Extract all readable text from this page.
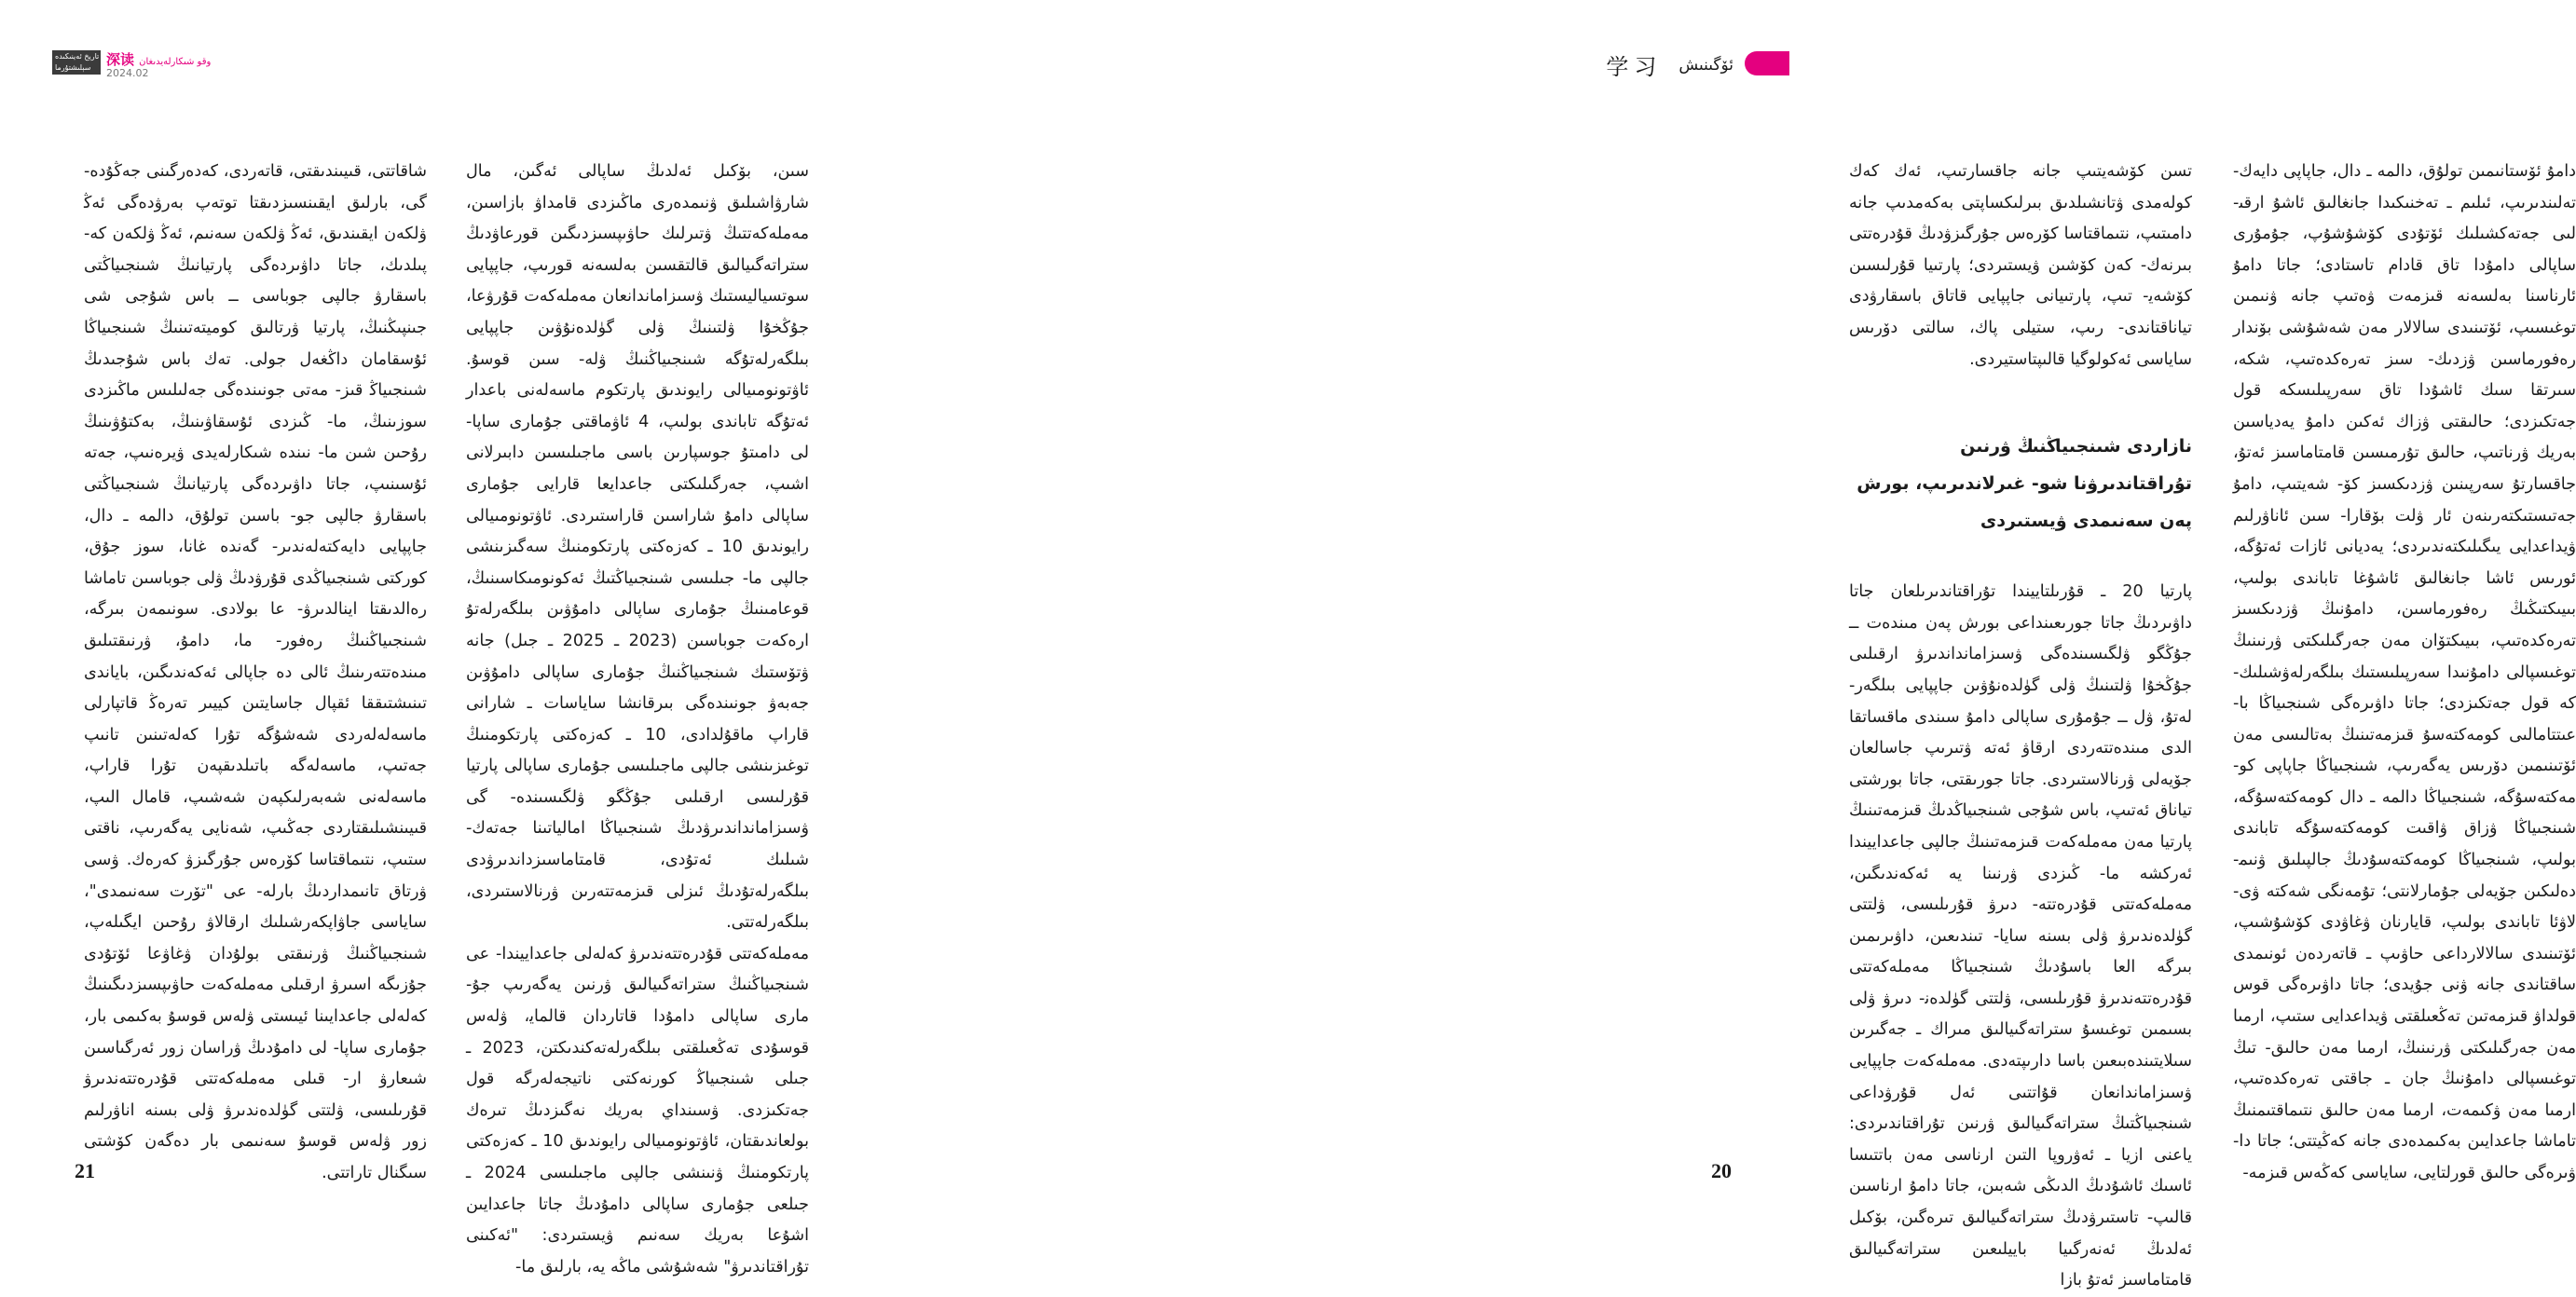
ﺗﺎﺭﻳﺦ ﺋﻪﻳﻨﯩﻜﯩﺪﻩ
ﺳﯧﻠﯩﺸﺘﯘﺭﻣﺎ	深读 ﻭﻗﻮ ﺷﯩﻜﺎﺭﻟﻪﻳﺪﯨﻐﺎﻥ
2024.02

ﺷﺎﻗﺎﺗﺘﻰ، ﻗﯩﻴﯩﻨﺪﯨﻘﺘﻰ، ﻗﺎﺗﻪﺭﺩﻯ، ﻛﻪﺩﻩﺭﮔﯩﻨﻰ ﺟﻪﯕﯘﺩﻩ- ﮔﻰ، ﺑﺎﺭﻟﯩﻖ ﺍﻳﻘﯩﻨﺴﯩﺰﺩﯨﻘﺘﺎ ﺗﻮﺗﻪﭖ ﺑﻪﺭﯞﺩﻩﮔﻰ ﺋﻪﯕ ﯞﻟﻜﻪﻥ ﺍﻳﻘﯩﻨﺪﯨﻖ، ﺋﻪﯕ ﯞﻟﻜﻪﻥ ﺳﻪﻧﯩﻢ، ﺋﻪﯕ ﯞﻟﻜﻪﻥ ﻛﻪ- ﭘﯩﻠﺪﯨﻚ، ﺟﺎﺗﺎ ﺩﺍﯞﯨﺮﺩﻩﮔﻰ ﭘﺎﺭﺗﻴﺎﻧﯩﯔ ﺷﯩﻨﺠﯩﻴﺎﯕﺘﻰ ﺑﺎﺳﻘﺎﺭﯞ ﺟﺎﻟﭙﻰ ﺟﻮﺑﺎﺳﻰ ــ ﺑﺎﺱ ﺷﯘﺟﻰ ﺷﻰ ﺟﯩﻨﭙﯩﯖﻨﯩﯔ، ﭘﺎﺭﺗﻴﺎ ﯞﺭﺗﺎﻟﯩﻖ ﻛﻮﻣﻴﺘﻪﺗﯩﻨﯩﯔ ﺷﯩﻨﺠﯩﻴﺎﯕﺎ ﺋﯘﺳﻘﺎﻣﺎﻥ ﺩﺍﯕﻐﻪﻝ ﺟﻮﻟﻰ. ﺗﻪﻙ ﺑﺎﺱ ﺷﯘﺟﯩﺪﯨﯔ ﺷﯩﻨﺠﯩﻴﺎﯕ ﻗﯩﺰ- ﻣﻪﺗﻰ ﺟﻮﻧﯩﻨﺪﻩﮔﻰ ﺟﻪﻟﯩﻠﯩﺲ ﻣﺎﯕﯩﺰﺩﻯ ﺳﻮﺯﯨﻨﯩﯔ، ﻣﺎ- ﯕﯩﺰﺩﻯ ﺋﯘﺳﻘﺎﯞﯨﻨﯩﯔ، ﺑﻪﻛﺘﯘﯞﯨﻨﯩﯔ ﺭﯗﺣﯩﻦ ﺷﯩﻦ ﻣﺎ- ﻧﯩﻨﺪﻩ ﺷﯩﻜﺎﺭﻟﻪﻳﺪﻯ ﯞﻳﺮﻩﻧﯩﭗ، ﺟﻪﺗﻪ ﺋﯘﺳﯩﻨﯩﭗ، ﺟﺎﺗﺎ ﺩﺍﯞﯨﺮﺩﻩﮔﻰ ﭘﺎﺭﺗﻴﺎﻧﯩﯔ ﺷﯩﻨﺠﯩﻴﺎﯕﺘﻰ ﺑﺎﺳﻘﺎﺭﯞ ﺟﺎﻟﭙﻰ ﺟﻮ- ﺑﺎﺳﯩﻦ ﺗﻮﻟﯘﻕ، ﺩﺍﻟﻤﻪ ـ ﺩﺍﻝ، ﺟﺎﭘﭙﺎﻳﻰ ﺩﺍﻳﻪﻛﺘﻪﻟﻪﻧﺪﯨﺮ- ﮔﻪﻧﺪﻩ ﻏﺎﻧﺎ، ﺳﻮﺯ ﺟﯘﻕ، ﻛﻮﺭﻛﺘﻰ ﺷﯩﻨﺠﯩﻴﺎﯕﺪﻯ ﻗﯘﺭﯞﺩﯨﯔ ﯞﻟﻰ ﺟﻮﺑﺎﺳﯩﻦ ﺗﺎﻣﺎﺷﺎ ﺭﻩﺍﻟﺪﯨﻘﺘﺎ ﺍﻳﻨﺎﻟﺪﯨﺮﯞ- ﻋﺎ ﺑﻮﻟﺎﺩﻯ. ﺳﻮﻧﯩﻤﻪﻥ ﺑﯩﺮﮔﻪ، ﺷﯩﻨﺠﯩﻴﺎﯕﻨﯩﯔ ﺭﻩﻓﻮﺭ- ﻣﺎ، ﺩﺍﻣﯘ، ﯞﺭﻧﯩﻘﺘﯩﻠﯩﻖ ﻣﯩﻨﺪﻩﺗﺘﻪﺭﯨﻨﯩﯔ ﺋﺎﻟﻰ ﺩﻩ ﺟﺎﭘﺎﻟﻰ ﺋﻪﻛﻪﻧﺪﯨﮕﯩﻦ، ﺑﺎﻳﺎﻧﺪﻯ ﺗﯩﻨﯩﺸﺘﯩﻘﻘﺎ ﺋﻘﭙﺎﻝ ﺟﺎﺳﺎﻳﺘﯩﻦ ﻛﻴﻴﯩﺮ ﺗﻪﺭﻩﯕ ﻗﺎﺗﭙﺎﺭﻟﻰ ﻣﺎﺳﻪﻟﻪﻟﻪﺭﺩﻯ ﺷﻪﺷﯘﮔﻪ ﺗﯘﺭﺍ ﻛﻪﻟﻪﺗﯩﻨﯩﻦ ﺗﺎﻧﯩﭗ ﺟﻪﺗﯩﭗ، ﻣﺎﺳﻪﻟﻪﮔﻪ ﺑﺎﺗﯩﻠﺪﯨﻘﭙﻪﻥ ﺗﯘﺭﺍ ﻗﺎﺭﺍﭖ، ﻣﺎﺳﻪﻟﻪﻧﻰ ﺷﻪﺑﻪﺭﻟﯩﻜﭙﻪﻥ ﺷﻪﺷﯩﭗ، ﻗﺎﻣﺎﻝ ﺍﻟﯩﭗ، ﻗﯩﻴﯩﻨﺸﯩﻠﯩﻘﺘﺎﺭﺩﻯ ﺟﻪﯕﯩﭗ، ﺷﻪﻧﺎﻳﻰ ﻳﻪﮔﻪﺭﯨﭗ، ﻧﺎﻗﺘﻰ ﺳﺘﯩﭗ، ﻧﺘﯩﻤﺎﻗﺘﺎﺳﺎ ﻛﯚﺭﻩﺱ ﺟﯘﺭﮔﯩﺰﯞ ﻛﻪﺭﻩﻙ. ﯞﺳﻰ ﯞﺭﺗﺎﻕ ﺗﺎﻧﯩﻤﺪﺍﺭﺩﯨﯔ ﺑﺎﺭﻟﻪ- ﻋﻰ "ﺗﯚﺭﺕ ﺳﻪﻧﯩﻤﺪﻯ"، ﺳﺎﻳﺎﺳﻰ ﺟﺎﯞﺍﭘﻜﻪﺭﺷﯩﻠﯩﻚ ﺍﺭﻗﺎﻟﺎﯞ ﺭﯗﺣﯩﻦ ﺍﻳﮕﯩﻠﻪﭖ، ﺷﯩﻨﺠﯩﻴﺎﯕﻨﯩﯔ ﯞﺭﻧﯩﻘﺘﻰ ﺑﻮﻟﯘﺩﺍﻥ ﯞﻏﺎﯞﻋﺎ ﺋﯚﺗﯘﺩﻯ ﺟﯘﺯﯨﮕﻪ ﺍﺳﯩﺮﯞ ﺍﺭﻗﯩﻠﻰ ﻣﻪﻣﻠﻪﻛﻪﺕ ﺣﺎﯞﯨﭙﺴﯩﺰﺩﯨﮕﯩﻨﯩﯔ ﻛﻪﻟﻪﻟﻰ ﺟﺎﻋﺪﺍﻳﯩﻨﺎ ﺋﻴﯩﺴﺘﻰ ﯞﻟﻪﺱ ﻗﻮﺳﯘ ﺑﻪﻛﯩﻤﻰ ﺑﺎﺭ، ﺟﯘﻣﺎﺭﻯ ﺳﺎﭘﺎ- ﻟﻰ ﺩﺍﻣﯘﺩﯨﯔ ﯞﺭﺍﺳﺎﻥ ﺯﻭﺭ ﺋﻪﺭﮔﯩﺎﺳﯩﻦ ﺷﯩﻌﺎﺭﯞ ﺍﺭ- ﻗﯩﻠﻰ ﻣﻪﻣﻠﻪﻛﻪﺗﺘﻰ ﻗﯘﺩﺭﻩﺗﺘﻪﻧﺪﯨﺮﯞ ﻗﯘﺭﯨﻠﯩﺴﻰ، ﯞﻟﺘﺘﻰ ﮔﯜﻟﺪﻩﻧﺪﯨﺮﯞ ﯞﻟﻰ ﺑﺴﻨﻪ ﺍﻧﺎﯞﺭﻟﯩﻢ ﺯﻭﺭ ﯞﻟﻪﺱ ﻗﻮﺳﯘ ﺳﻪﻧﯩﻤﻰ ﺑﺎﺭ ﺩﻩﮔﻪﻥ ﻛﯚﺷﺘﻰ ﺳﯩﮕﻨﺎﻝ ﺗﺎﺭﺍﺗﺘﻰ.

ﺳﯩﻦ، ﺑﯚﻛﯩﻞ ﺋﻪﻟﺪﯨﯔ ﺳﺎﭘﺎﻟﻰ ﺋﻪﮔﯩﻦ، ﻣﺎﻝ ﺷﺎﺭﯞﺍﺷﯩﻠﯩﻖ ﯞﻧﯩﻤﺪﻩﺭﻯ ﻣﺎﯕﯩﺰﺩﻯ ﻗﺎﻣﺪﺍﯞ ﺑﺎﺯﺍﺳﯩﻦ، ﻣﻪﻣﻠﻪﻛﻪﺗﺘﯩﯔ ﯞﺗﯩﺮﻟﯩﻚ ﺣﺎﯞﯨﭙﺴﯩﺰﺩﯨﮕﯩﻦ ﻗﻮﺭﻋﺎﯞﺩﯨﯔ ﺳﺘﺮﺍﺗﻪﮔﯩﻴﺎﻟﯩﻖ ﻗﺎﻟﺘﻘﺴﯩﻦ ﺑﻪﻟﺴﻪﻧﻪ ﻗﻮﺭﯨﭗ، ﺟﺎﭘﭙﺎﻳﻰ ﺳﻮﺗﺴﻴﺎﻟﻴﺴﺘﯩﻚ ﯞﺳﯩﺰﺍﻣﺎﻧﺪﺍﻧﻌﺎﻥ ﻣﻪﻣﻠﻪﻛﻪﺕ ﻗﯘﺭﯞﻋﺎ، ﺟﯘﯕﺨﯘﺍ ﯞﻟﺘﯩﻨﯩﯔ ﯞﻟﻰ ﮔﯜﻟﺪﻩﻧﯘﯞﯨﻦ ﺟﺎﭘﭙﺎﻳﻰ ﺑﯩﻠﮕﻪﺭﻟﻪﺗﯘﮔﻪ ﺷﯩﻨﺠﯩﻴﺎﯕﻨﯩﯔ ﯞﻟﻪ- ﺳﯩﻦ ﻗﻮﺳﯘ. ﺋﺎﯞﺗﻮﻧﻮﻣﯩﻴﺎﻟﻰ ﺭﺍﻳﻮﻧﺪﯨﻖ ﭘﺎﺭﺗﻜﻮﻡ ﻣﺎﺳﻪﻟﻪﻧﻰ ﺑﺎﻋﺪﺍﺭ ﺋﻪﺗﯘﮔﻪ ﺗﺎﺑﺎﻧﺪﻯ ﺑﻮﻟﯩﭗ، 4 ﺋﺎﯞﻣﺎﻗﺘﻰ ﺟﯘﻣﺎﺭﻯ ﺳﺎﭘﺎ- ﻟﻰ ﺩﺍﻣﯩﺘﯘ ﺟﻮﺳﭙﺎﺭﯨﻦ ﺑﺎﺳﻰ ﻣﺎﺟﯩﻠﯩﺴﯩﻦ ﺩﺍﺑﯩﺮﻟﺎﻧﻰ ﺍﺷﯩﭗ، ﺟﻪﺭﮔﯩﻠﯩﻜﺘﻰ ﺟﺎﻋﺪﺍﻳﻌﺎ ﻗﺎﺭﺍﻳﻰ ﺟﯘﻣﺎﺭﻯ ﺳﺎﭘﺎﻟﻰ ﺩﺍﻣﯘ ﺷﺎﺭﺍﺳﯩﻦ ﻗﺎﺭﺍﺳﺘﯩﺮﺩﻯ. ﺋﺎﯞﺗﻮﻧﻮﻣﯩﻴﺎﻟﻰ ﺭﺍﻳﻮﻧﺪﯨﻖ 10 ـ ﻛﻪﺯﻩﻛﺘﻰ ﭘﺎﺭﺗﻜﻮﻣﻨﯩﯔ ﺳﻪﮔﯩﺰﯨﻨﺸﻰ ﺟﺎﻟﭙﻰ ﻣﺎ- ﺟﯩﻠﯩﺴﻰ ﺷﯩﻨﺠﯩﻴﺎﯕﺘﯩﯔ ﺋﻪﻛﻮﻧﻮﻣﯩﻜﺎﺳﯩﻨﯩﯔ، ﻗﻮﻋﺎﻣﯩﻨﯩﯔ ﺟﯘﻣﺎﺭﻯ ﺳﺎﭘﺎﻟﻰ ﺩﺍﻣﯘﯞﯨﻦ ﺑﯩﻠﮕﻪﺭﻟﻪﺗﯘ ﺍﺭﻩﻛﻪﺕ ﺟﻮﺑﺎﺳﯩﻦ (2023 ـ 2025 ـ ﺟﯩﻞ) ﺟﺎﻧﻪ ﯞﺗﯚﺳﺘﯩﻚ ﺷﯩﻨﺠﯩﻴﺎﯕﻨﯩﯔ ﺟﯘﻣﺎﺭﻯ ﺳﺎﭘﺎﻟﻰ ﺩﺍﻣﯘﯞﯨﻦ ﺟﻪﺑﻪﯞ ﺟﻮﻧﯩﻨﺪﻩﮔﻰ ﺑﯩﺮﻗﺎﻧﺸﺎ ﺳﺎﻳﺎﺳﺎﺕ ـ ﺷﺎﺭﺍﻧﻰ ﻗﺎﺭﺍﭖ ﻣﺎﻗﯘﻟﺪﺍﺩﻯ، 10 ـ ﻛﻪﺯﻩﻛﺘﻰ ﭘﺎﺭﺗﻜﻮﻣﻨﯩﯔ ﺗﻮﻏﯩﺰﯨﻨﺸﻰ ﺟﺎﻟﭙﻰ ﻣﺎﺟﯩﻠﯩﺴﻰ ﺟﯘﻣﺎﺭﻯ ﺳﺎﭘﺎﻟﻰ ﭘﺎﺭﺗﻴﺎ ﻗﯘﺭﻟﯩﺴﻰ ﺍﺭﻗﯩﻠﯩﻰ ﺟﯘﯕﮕﻮ ﯞﻟﮕﯩﺴﯩﻨﺪﻩ- ﮔﻰ ﯞﺳﯩﺰﺍﻣﺎﻧﺪﺍﻧﺪﯨﺮﯞﺩﯨﯔ ﺷﯩﻨﺠﯩﻴﺎﯕﺎ ﺍﻣﺎﻟﻴﺎﺗﯩﻨﺎ ﺟﻪﺗﻪﻙ- ﺷﯩﻠﯩﻚ ﺋﻪﺗﯘﺩﻯ، ﻗﺎﻣﺘﺎﻣﺎﺳﯩﺰﺩﺍﻧﺪﯨﺮﯞﺩﻯ ﺑﯩﻠﮕﻪﺭﻟﻪﺗﯘﺩﯨﯔ ﺋﯩﺰﻟﻰ ﻗﯩﺰﻣﻪﺗﺘﻪﺭﯨﻦ ﯞﺭﻧﺎﻟﺎﺳﺘﯩﺮﺩﻯ، ﺑﯩﻠﮕﻪﺭﻟﻪﺗﺘﻰ.

ﻣﻪﻣﻠﻪﻛﻪﺗﺘﻰ ﻗﯘﺩﺭﻩﺗﺘﻪﻧﺪﯨﺮﯞ ﻛﻪﻟﻪﻟﻰ ﺟﺎﻋﺪﺍﻳﻴﻨﺪﺍ- ﻋﻰ ﺷﯩﻨﺠﯩﻴﺎﯕﻨﯩﯔ ﺳﺘﺮﺍﺗﻪﮔﯩﻴﺎﻟﯩﻖ ﯞﺭﻧﯩﻦ ﻳﻪﮔﻪﺭﯨﭗ ﺟﯘ- ﻣﺎﺭﻯ ﺳﺎﭘﺎﻟﻰ ﺩﺍﻣﯘﺩﺍ ﻗﺎﺗﺎﺭﺩﺍﻥ ﻗﺎﻟﻤﺎﻳ، ﯞﻟﻪﺱ ﻗﻮﺳﯘﺩﻯ ﺗﻪﯕﻌﯩﻠﻘﺘﻰ ﺑﯩﻠﮕﻪﺭﻟﻪﺗﻪﻛﻨﺪﯨﻜﺘﻦ، 2023 ـ ﺟﯩﻠﻰ ﺷﯩﻨﺠﯩﻴﺎﯕ ﻛﻮﺭﻧﻪﻛﺘﻰ ﻧﺎﺗﻴﺠﻪﻟﻪﺭﮔﻪ ﻗﻮﻝ ﺟﻪﺗﻜﯩﺰﺩﻯ. ﯞﺳﯩﻨﺪﺍﻱ ﺑﻪﺭﻳﻚ ﻧﻪﮔﯩﺰﺩﯨﯔ ﺗﯩﺮﻩﻙ ﺑﻮﻟﻌﺎﻧﺪﯨﻘﺘﺎﻥ، ﺋﺎﯞﺗﻮﻧﻮﻣﯩﻴﺎﻟﻰ ﺭﺍﻳﻮﻧﺪﯨﻖ 10 ـ ﻛﻪﺯﻩﻛﺘﻰ ﭘﺎﺭﺗﻜﻮﻣﻨﯩﯔ ﯞﻧﯩﻨﺸﻰ ﺟﺎﻟﭙﻰ ﻣﺎﺟﯩﻠﯩﺴﻰ 2024 ـ ﺟﯩﻠﻌﻰ ﺟﯘﻣﺎﺭﻯ ﺳﺎﭘﺎﻟﻰ ﺩﺍﻣﯘﺩﯨﯔ ﺟﺎﺗﺎ ﺟﺎﻋﺪﺍﻳﯩﻦ ﺍﺷﯘﻋﺎ ﺑﻪﺭﻳﻚ ﺳﻪﻧﯩﻢ ﯞﻳﺴﺘﯩﺮﺩﻯ: "ﺋﻪﻛﯩﻨﻰ ﺗﯘﺭﺍﻗﺘﺎﻧﺪﯨﺮﯞ" ﺷﻪﺷﯘﺷﻰ ﻣﺎﯕﻪ ﻳﻪ، ﺑﺎﺭﻟﯩﻖ ﻣﺎ-

21
学习 ﺋﯚﮔﯩﻨﯩﺶ

ﺗﺴﻦ ﻛﯚﺷﻪﻳﺘﯩﭗ ﺟﺎﻧﻪ ﺟﺎﻗﺴﺎﺭﺗﯩﭗ، ﺋﻪﻙ ﻛﻪﻙ ﻛﻮﻟﻪﻣﺪﻯ ﯞﺗﺎﻧﺸﯩﻠﺪﯨﻖ ﺑﯩﺮﻟﯩﻜﺴﺎﭘﺘﻰ ﺑﻪﻛﻪﻣﺪﯨﭗ ﺟﺎﻧﻪ ﺩﺍﻣﯩﺘﯩﭗ، ﻧﺘﯩﻤﺎﻗﺘﺎﺳﺎ ﻛﯚﺭﻩﺱ ﺟﯘﺭﮔﯩﺰﯞﺩﯨﯔ ﻗﯘﺩﺭﻩﺗﺘﻰ ﺑﯩﺮﻧﻪﻙ- ﻛﻪﻥ ﻛﯚﺷﯩﻦ ﯞﻳﺴﺘﯩﺮﺩﻯ؛ ﭘﺎﺭﺗﯩﻴﺎ ﻗﯘﺭﻟﯩﺴﯩﻦ ﻛﯚﺷﻪﻳ- ﺗﯩﭗ، ﭘﺎﺭﺗﯩﻴﺎﻧﻰ ﺟﺎﭘﭙﺎﻳﻰ ﻗﺎﺗﺎﻕ ﺑﺎﺳﻘﺎﺭﯞﺩﻯ ﺗﻴﺎﻧﺎﻗﺘﺎﻧﺪﻯ- ﺭﯨﭗ، ﺳﺘﻴﻠﻰ ﭘﺎﻙ، ﺳﺎﻟﺘﻰ ﺩﯙﺭﯨﺲ ﺳﺎﻳﺎﺳﻰ ﺋﻪﻛﻮﻟﻮﮔﻴﺎ ﻗﺎﻟﯩﭙﺘﺎﺳﺘﻴﺮﺩﻯ.

ﻧﺎﺯﺍﺭﺩﻯ ﺷﯩﻨﺠﯩﻴﺎﯕﻨﯩﯔ ﯞﺭﻧﯩﻦ ﺗﯘﺭﺍﻗﺘﺎﻧﺪﯨﺮﯞﻧﺎ ﺷﻮ- ﻏﯩﺮﻟﺎﻧﺪﯨﺮﯨﭗ، ﺑﻮﺭﺵ ﭘﻪﻥ ﺳﻪﻧﯩﻤﺪﻯ ﯞﻳﺴﺘﯩﺮﺩﻯ

ﭘﺎﺭﺗﻴﺎ 20 ـ ﻗﯘﺭﯨﻠﺘﺎﻳﻴﻨﺪﺍ ﺗﯘﺭﺍﻗﺘﺎﻧﺪﯨﺮﯨﻠﻌﺎﻥ ﺟﺎﺗﺎ ﺩﺍﯞﯨﺮﺩﯨﯔ ﺟﺎﺗﺎ ﺟﻮﺭﯨﻌﯩﻨﺪﺍﻋﻰ ﺑﻮﺭﺵ ﭘﻪﻥ ﻣﯩﻨﺪﻩﺕ ــ ﺟﯘﯕﮕﻮ ﯞﻟﮕﯩﺴﯩﻨﺪﻩﮔﻰ ﯞﺳﯩﺰﺍﻣﺎﻧﺪﺍﻧﺪﯨﺮﯞ ﺍﺭﻗﯩﻠﯩﻰ ﺟﯘﯕﺨﯘﺍ ﯞﻟﺘﯩﻨﯩﯔ ﯞﻟﻰ ﮔﯜﻟﺪﻩﻧﯘﯞﯨﻦ ﺟﺎﭘﭙﺎﻳﻰ ﺑﯩﻠﮕﻪﺭ- ﻟﻪﺗﯘ، ﯞﻝ ــ ﺟﯘﻣﯘﺭﻯ ﺳﺎﭘﺎﻟﻰ ﺩﺍﻣﯘ ﺳﯩﻨﺪﻯ ﻣﺎﻗﺴﺎﺗﻘﺎ ﺍﻟﺪﻯ ﻣﯩﻨﺪﻩﺗﺘﻪﺭﺩﻯ ﺍﺭﻗﺎﯞ ﺋﻪﺗﻪ ﯞﺗﯩﺮﯨﭗ ﺟﺎﺳﺎﻟﻌﺎﻥ ﺟﯚﻳﻪﻟﻰ ﯞﺭﻧﺎﻟﺎﺳﺘﯩﺮﺩﻯ. ﺟﺎﺗﺎ ﺟﻮﺭﯨﻘﺘﻰ، ﺟﺎﺗﺎ ﺑﻮﺭﺷﺘﻰ ﺗﻴﺎﻧﺎﻕ ﺋﻪﺗﯩﭗ، ﺑﺎﺱ ﺷﯘﺟﻰ ﺷﯩﻨﺠﯩﻴﺎﯕﺪﯨﯔ ﻗﯩﺰﻣﻪﺗﯩﻨﯩﯔ ﭘﺎﺭﺗﻴﺎ ﻣﻪﻥ ﻣﻪﻣﻠﻪﻛﻪﺕ ﻗﯩﺰﻣﻪﺗﯩﻨﯩﯔ ﺟﺎﻟﭙﻰ ﺟﺎﻋﺪﺍﻳﻴﻨﺪﺍ ﺋﻪﺭﻛﺸﻪ ﻣﺎ- ﯕﯩﺰﺩﻯ ﯞﺭﻧﯩﻨﺎ ﻳﻪ ﺋﻪﻛﻪﻧﺪﯨﮕﯩﻦ، ﻣﻪﻣﻠﻪﻛﻪﺗﺘﻰ ﻗﯘﺩﺭﻩﺗﺘﻪ- ﺩﯨﺮﯞ ﻗﯘﺭﯨﻠﯩﺴﻰ، ﯞﻟﺘﺘﻰ ﮔﯜﻟﺪﻩﻧﺪﯨﺮﯞ ﯞﻟﻰ ﺑﺴﻨﻪ ﺳﺎﻳﺎ- ﺗﯩﻨﺪﯨﻌﯩﻦ، ﺩﺍﯞﯨﺮﯨﻤﯩﻦ ﺑﯩﺮﮔﻪ ﺍﻟﻌﺎ ﺑﺎﺳﯘﺩﯨﯔ ﺷﯩﻨﺠﯩﻴﺎﯕﺎ ﻣﻪﻣﻠﻪﻛﻪﺗﺘﻰ ﻗﯘﺩﺭﻩﺗﺘﻪﻧﺪﯨﺮﯞ ﻗﯘﺭﯨﻠﯩﺴﻰ، ﯞﻟﺘﺘﻰ ﮔﯜﻟﺪﻩﻧ- ﺩﯨﺮﯞ ﯞﻟﻰ ﺑﺴﯩﻤﯩﻦ ﺗﻮﻏﯩﺴﯘ ﺳﺘﺮﺍﺗﻪﮔﯩﻴﺎﻟﯩﻖ ﻣﯩﺮﺍﻙ ـ ﺟﻪﮔﯩﺮﯨﻦ ﺳﯩﻠﺎﻳﺘﯩﻨﺪﻩﺑﯩﻌﯩﻦ ﺑﺎﺳﺎ ﺩﺍﺭﯨﭙﺘﻪﺩﻯ. ﻣﻪﻣﻠﻪﻛﻪﺕ ﺟﺎﭘﭙﺎﻳﻰ ﯞﺳﯩﺰﺍﻣﺎﻧﺪﺍﻧﻌﺎﻥ ﻗﯘﺍﺗﺘﯩﻰ ﺋﻪﻝ ﻗﯘﺭﯞﺩﺍﻋﻰ ﺷﯩﻨﺠﯩﻴﺎﯕﺘﯩﯔ ﺳﺘﺮﺍﺗﻪﮔﯩﻴﺎﻟﯩﻖ ﯞﺭﻧﯩﻦ ﺗﯘﺭﺍﻗﺘﺎﻧﺪﯨﺮﺩﻯ: ﻳﺎﻋﻨﻰ ﺍﺯﻳﺎ ـ ﺋﻪﯞﺭﻭﭘﺎ ﺍﻟﺘﯩﻦ ﺍﺭﻧﺎﺳﻰ ﻣﻪﻥ ﺑﺎﺗﺘﯩﺴﺎ ﺋﺎﺳﯩﻚ ﺋﺎﺷﯘﺩﯨﯔ ﺍﻟﺪﯨﯖﻰ ﺷﻪﺑﯩﻦ، ﺟﺎﺗﺎ ﺩﺍﻣﯘ ﺍﺭﻧﺎﺳﯩﻦ ﻗﺎﻟﯩﭗ- ﺗﺎﺳﺘﯩﺮﯞﺩﯨﯔ ﺳﺘﺮﺍﺗﻪﮔﯩﻴﺎﻟﯩﻖ ﺗﯩﺮﻩﮔﯩﻦ، ﺑﯚﻛﯩﻞ ﺋﻪﻟﺪﯨﯔ ﺋﻪﻧﻪﺭﮔﯩﻴﺎ ﺑﺎﻳﻴﻠﯩﻌﯩﻦ ﺳﺘﺮﺍﺗﻪﮔﯩﻴﺎﻟﯩﻖ ﻗﺎﻣﺘﺎﻣﺎﺳﯩﺰ ﺋﻪﺗﯘ ﺑﺎﺯﺍ

ﺩﺍﻣﯘ ﺋﯚﺳﺘﺎﻧﯩﻤﯩﻦ ﺗﻮﻟﯘﻕ، ﺩﺍﻟﻤﻪ ـ ﺩﺍﻝ، ﺟﺎﭘﺎﭘﻰ ﺩﺍﻳﻪﻙ- ﺗﻪﻟﯩﻨﺪﯨﺮﯨﭗ، ﺋﯩﻠﯩﻢ ـ ﺗﻪﺧﻨﯩﻜﯩﺪﺍ ﺟﺎﻧﻐﺎﻟﯩﻖ ﺋﺎﺷﯘ ﺍﺭﻗﯩ- ﻟﯩﻰ ﺟﻪﺗﻪﻛﺸﯩﻠﯩﻚ ﺋﯚﺗﯘﺩﻯ ﻛﯚﺷﯘﺷﯘﭖ، ﺟﯘﻣﯘﺭﻯ ﺳﺎﭘﺎﻟﻰ ﺩﺍﻣﯘﺩﺍ ﺗﺎﻕ ﻗﺎﺩﺍﻡ ﺗﺎﺳﺘﺎﺩﻯ؛ ﺟﺎﺗﺎ ﺩﺍﻣﯘ ﺋﺎﺭﻧﺎﺳﻨﺎ ﺑﻪﻟﺴﻪﻧﻪ ﻗﯩﺰﻣﻪﺕ ﯞﻩﺗﯩﭗ ﺟﺎﻧﻪ ﯞﻧﯩﻤﯩﻦ ﺗﻮﻏﯩﺴﯩﭗ، ﺋﯚﺗﯩﻨﯩﺪﻯ ﺳﺎﻟﺎﻻﺭ ﻣﻪﻥ ﺷﻪﺷﯘﺷﻰ ﺑﯚﻧﺪﺍﺭ ﺭﻩﻓﻮﺭﻣﺎﺳﯩﻦ ﯞﺯﺩﯨﻚ- ﺳﯩﺰ ﺗﻪﺭﻩﻛﺪﻩﺗﯩﭗ، ﺷﻜﻪ، ﺳﯩﺮﺗﻘﺎ ﺳﯩﻚ ﺋﺎﺷﯘﺩﺍ ﺗﺎﻕ ﺳﻪﺭﭘﯩﻠﯩﺴﻜﻪ ﻗﻮﻝ ﺟﻪﺗﻜﯩﺰﺩﻯ؛ ﺣﺎﻟﯩﻘﺘﻰ ﯞﺯﺍﻙ ﺋﻪﻛﯩﻦ ﺩﺍﻣﯘ ﻳﻪﺩﻳﺎﺳﯩﻦ ﺑﻪﺭﻳﻚ ﯞﺭﻧﺎﺗﯩﭗ، ﺣﺎﻟﯩﻖ ﺗﯘﺭﻣﯩﺴﯩﻦ ﻗﺎﻣﺘﺎﻣﺎﺳﯩﺰ ﺋﻪﺗﯘ، ﺟﺎﻗﺴﺎﺭﺗﯘ ﺳﻪﺭﭘﯩﻨﯩﻦ ﯞﺯﺩﯨﻜﺴﯩﺰ ﻛﯚ- ﺷﻪﻳﺘﯩﭗ، ﺩﺍﻣﯘ ﺟﻪﺗﯩﺴﺘﯩﻜﺘﻪﺭﯨﻨﻪﻥ ﺋﺎﺭ ﯞﻟﺖ ﺑﯚﻗﺎﺭﺍ- ﺳﯩﻦ ﺋﺎﻧﺎﯞﺭﻟﯩﻢ ﯞﻳﺪﺍﻋﺪﺍﻳﻰ ﻳﯩﮕﯩﻠﯩﻜﺘﻪﻧﺪﯨﺮﺩﻯ؛ ﻳﻪﺩﻳﺎﻧﻰ ﺋﺎﺯﺍﺕ ﺋﻪﺗﯘﮔﻪ، ﺋﻮﺭﯨﺲ ﺋﺎﺷﺎ ﺟﺎﻧﻐﺎﻟﯩﻖ ﺋﺎﺷﯘﻏﺎ ﺗﺎﺑﺎﻧﺪﻯ ﺑﻮﻟﯩﭗ، ﺑﯩﻴﯩﻜﺘﯩﯖﯩﯔ ﺭﻩﻓﻮﺭﻣﺎﺳﯩﻦ، ﺩﺍﻣﯘﻧﯩﯔ ﯞﺯﺩﯨﻜﺴﯩﺰ ﺗﻪﺭﻩﻛﺪﻩﺗﯩﭗ، ﺑﯩﻴﯩﻜﺘﯚﺍﻥ ﻣﻪﻥ ﺟﻪﺭﮔﯩﻠﯩﻜﺘﻰ ﯞﺭﻧﯩﻨﯩﯔ ﺗﻮﻏﯩﺴﭙﺎﻟﻰ ﺩﺍﻣﯘﻧﯩﺪﺍ ﺳﻪﺭﭘﯩﻠﯩﺴﺘﯩﻚ ﺑﯩﻠﮕﻪﺭﻟﻪﯞﺷﯩﻠﯩﻚ- ﻛﻪ ﻗﻮﻝ ﺟﻪﺗﻜﯩﺰﺩﻯ؛ ﺟﺎﺗﺎ ﺩﺍﯞﯨﺮﻩﮔﻰ ﺷﯩﻨﺠﯩﻴﺎﯕﺎ ﺑﺎ- ﻋﯩﺘﺘﺎﻣﺎﻟﯩﻰ ﻛﻮﻣﻪﻛﺘﻪﺳﯘ ﻗﯩﺰﻣﻪﺗﯩﻨﯩﯔ ﺑﻪﺗﺎﻟﯩﺴﻰ ﻣﻪﻥ ﺋﯚﺗﯩﻨﯩﻤﯩﻦ ﺩﯙﺭﯨﺲ ﻳﻪﮔﻪﺭﯨﭗ، ﺷﯩﻨﺠﯩﻴﺎﯕﺎ ﺟﺎﭘﺎﭘﻰ ﻛﻮ- ﻣﻪﻛﺘﻪﺳﯘﮔﻪ، ﺷﯩﻨﺠﯩﻴﺎﯕﺎ ﺩﺍﻟﻤﻪ ـ ﺩﺍﻝ ﻛﻮﻣﻪﻛﺘﻪﺳﯘﮔﻪ، ﺷﯩﻨﺠﯩﻴﺎﯕﺎ ﯞﺯﺍﻕ ﯞﺍﻗﯩﺖ ﻛﻮﻣﻪﻛﺘﻪﺳﯘﮔﻪ ﺗﺎﺑﺎﻧﺪﻯ ﺑﻮﻟﯩﭗ، ﺷﯩﻨﺠﯩﻴﺎﯕﺎ ﻛﻮﻣﻪﻛﺘﻪﺳﯘﺩﯨﯔ ﺟﺎﻟﭙﯩﻠﯩﻖ ﯞﻧﯩﻤ- ﺩﻩﻟﯩﻜﯩﻦ ﺟﯚﻳﻪﻟﻰ ﺟﯘﻣﺎﺭﻟﺎﻧﺘﻰ؛ ﺗﯘﻣﻪﻧﮕﻰ ﺷﻪﻛﺘﻪ ﯞﻯ- ﻟﺎﯞﺋﺎ ﺗﺎﺑﺎﻧﺪﻯ ﺑﻮﻟﯩﭗ، ﻗﺎﻳﺎﺭﻧﺎﻥ ﯞﻏﺎﯞﺩﻯ ﻛﯚﺷﯘﺷﯩﭗ، ﺋﯚﺗﯩﻨﯩﺪﻯ ﺳﺎﻟﺎﻻﺭﺩﺍﻋﻰ ﺣﺎﯞﯨﭗ ـ ﻗﺎﺗﻪﺭﺩﻩﻥ ﺋﻮﻧﯩﻤﺪﻯ ﺳﺎﻗﺘﺎﻧﺪﻯ ﺟﺎﻧﻪ ﯞﻧﻰ ﺟﯘﻳﺪﻯ؛ ﺟﺎﺗﺎ ﺩﺍﯞﯨﺮﻩﮔﻰ ﻗﻮﺱ ﻗﻮﻟﺪﺍﯞ ﻗﯩﺰﻣﻪﺗﯩﻦ ﺗﻪﯕﻌﯩﻠﻘﺘﻰ ﯞﻳﺪﺍﻋﺪﺍﻳﻰ ﺳﺘﯩﭗ، ﺍﺭﻣﯩﺎ ﻣﻪﻥ ﺟﻪﺭﮔﯩﻠﯩﻜﺘﻰ ﯞﺭﻧﯩﻨﯩﯔ، ﺍﺭﻣﯩﺎ ﻣﻪﻥ ﺣﺎﻟﯩﻖ- ﺗﯩﯔ ﺗﻮﻏﯩﺴﭙﺎﻟﻰ ﺩﺍﻣﯘﻧﯩﯔ ﺟﺎﻥ ـ ﺟﺎﻗﺘﻰ ﺗﻪﺭﻩﻛﺪﻩﺗﯩﭗ، ﺍﺭﻣﯩﺎ ﻣﻪﻥ ﯞﻛﯩﻤﻪﺕ، ﺍﺭﻣﯩﺎ ﻣﻪﻥ ﺣﺎﻟﯩﻖ ﻧﺘﯩﻤﺎﻗﺘﯩﻤﻨﯩﯔ ﺗﺎﻣﺎﺷﺎ ﺟﺎﻋﺪﺍﻳﯩﻦ ﺑﻪﻛﯩﻤﺪﻩﺩﻯ ﺟﺎﻧﻪ ﻛﻪﯕﻴﺘﺘﻰ؛ ﺟﺎﺗﺎ ﺩﺍ- ﯞﯨﺮﻩﮔﻰ ﺣﺎﻟﯩﻖ ﻗﻮﺭﻟﺘﺎﻳﻰ، ﺳﺎﻳﺎﺳﻰ ﻛﻪﯕﻪﺱ ﻗﯩﺰﻣﻪ-

20
